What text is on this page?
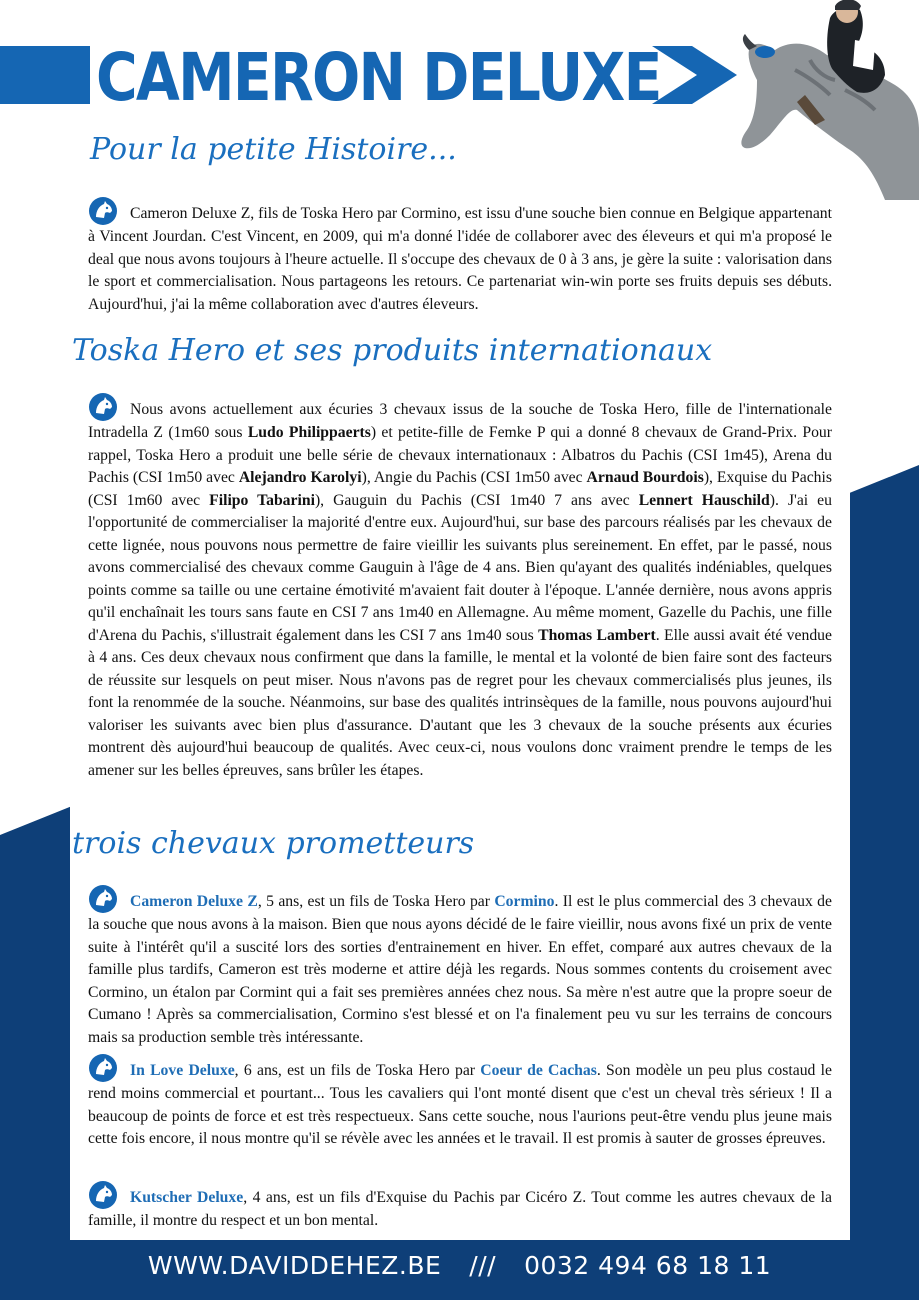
CAMERON DELUXE
Pour la petite Histoire...
Cameron Deluxe Z, fils de Toska Hero par Cormino, est issu d'une souche bien connue en Belgique appartenant à Vincent Jourdan. C'est Vincent, en 2009, qui m'a donné l'idée de collaborer avec des éleveurs et qui m'a proposé le deal que nous avons toujours à l'heure actuelle. Il s'occupe des chevaux de 0 à 3 ans, je gère la suite : valorisation dans le sport et commercialisation. Nous partageons les retours. Ce partenariat win-win porte ses fruits depuis ses débuts. Aujourd'hui, j'ai la même collaboration avec d'autres éleveurs.
Toska Hero et ses produits internationaux
Nous avons actuellement aux écuries 3 chevaux issus de la souche de Toska Hero, fille de l'internationale Intradella Z (1m60 sous Ludo Philippaerts) et petite-fille de Femke P qui a donné 8 chevaux de Grand-Prix. Pour rappel, Toska Hero a produit une belle série de chevaux internationaux : Albatros du Pachis (CSI 1m45), Arena du Pachis (CSI 1m50 avec Alejandro Karolyi), Angie du Pachis (CSI 1m50 avec Arnaud Bourdois), Exquise du Pachis (CSI 1m60 avec Filipo Tabarini), Gauguin du Pachis (CSI 1m40 7 ans avec Lennert Hauschild). J'ai eu l'opportunité de commercialiser la majorité d'entre eux. Aujourd'hui, sur base des parcours réalisés par les chevaux de cette lignée, nous pouvons nous permettre de faire vieillir les suivants plus sereinement. En effet, par le passé, nous avons commercialisé des chevaux comme Gauguin à l'âge de 4 ans. Bien qu'ayant des qualités indéniables, quelques points comme sa taille ou une certaine émotivité m'avaient fait douter à l'époque. L'année dernière, nous avons appris qu'il enchaînait les tours sans faute en CSI 7 ans 1m40 en Allemagne. Au même moment, Gazelle du Pachis, une fille d'Arena du Pachis, s'illustrait également dans les CSI 7 ans 1m40 sous Thomas Lambert. Elle aussi avait été vendue à 4 ans. Ces deux chevaux nous confirment que dans la famille, le mental et la volonté de bien faire sont des facteurs de réussite sur lesquels on peut miser. Nous n'avons pas de regret pour les chevaux commercialisés plus jeunes, ils font la renommée de la souche. Néanmoins, sur base des qualités intrinsèques de la famille, nous pouvons aujourd'hui valoriser les suivants avec bien plus d'assurance. D'autant que les 3 chevaux de la souche présents aux écuries montrent dès aujourd'hui beaucoup de qualités. Avec ceux-ci, nous voulons donc vraiment prendre le temps de les amener sur les belles épreuves, sans brûler les étapes.
trois chevaux prometteurs
Cameron Deluxe Z, 5 ans, est un fils de Toska Hero par Cormino. Il est le plus commercial des 3 chevaux de la souche que nous avons à la maison. Bien que nous ayons décidé de le faire vieillir, nous avons fixé un prix de vente suite à l'intérêt qu'il a suscité lors des sorties d'entrainement en hiver. En effet, comparé aux autres chevaux de la famille plus tardifs, Cameron est très moderne et attire déjà les regards. Nous sommes contents du croisement avec Cormino, un étalon par Cormint qui a fait ses premières années chez nous. Sa mère n'est autre que la propre soeur de Cumano ! Après sa commercialisation, Cormino s'est blessé et on l'a finalement peu vu sur les terrains de concours mais sa production semble très intéressante.
In Love Deluxe, 6 ans, est un fils de Toska Hero par Coeur de Cachas. Son modèle un peu plus costaud le rend moins commercial et pourtant... Tous les cavaliers qui l'ont monté disent que c'est un cheval très sérieux ! Il a beaucoup de points de force et est très respectueux. Sans cette souche, nous l'aurions peut-être vendu plus jeune mais cette fois encore, il nous montre qu'il se révèle avec les années et le travail. Il est promis à sauter de grosses épreuves.
Kutscher Deluxe, 4 ans, est un fils d'Exquise du Pachis par Cicéro Z. Tout comme les autres chevaux de la famille, il montre du respect et un bon mental.
WWW.DAVIDDEHEZ.BE /// 0032 494 68 18 11
